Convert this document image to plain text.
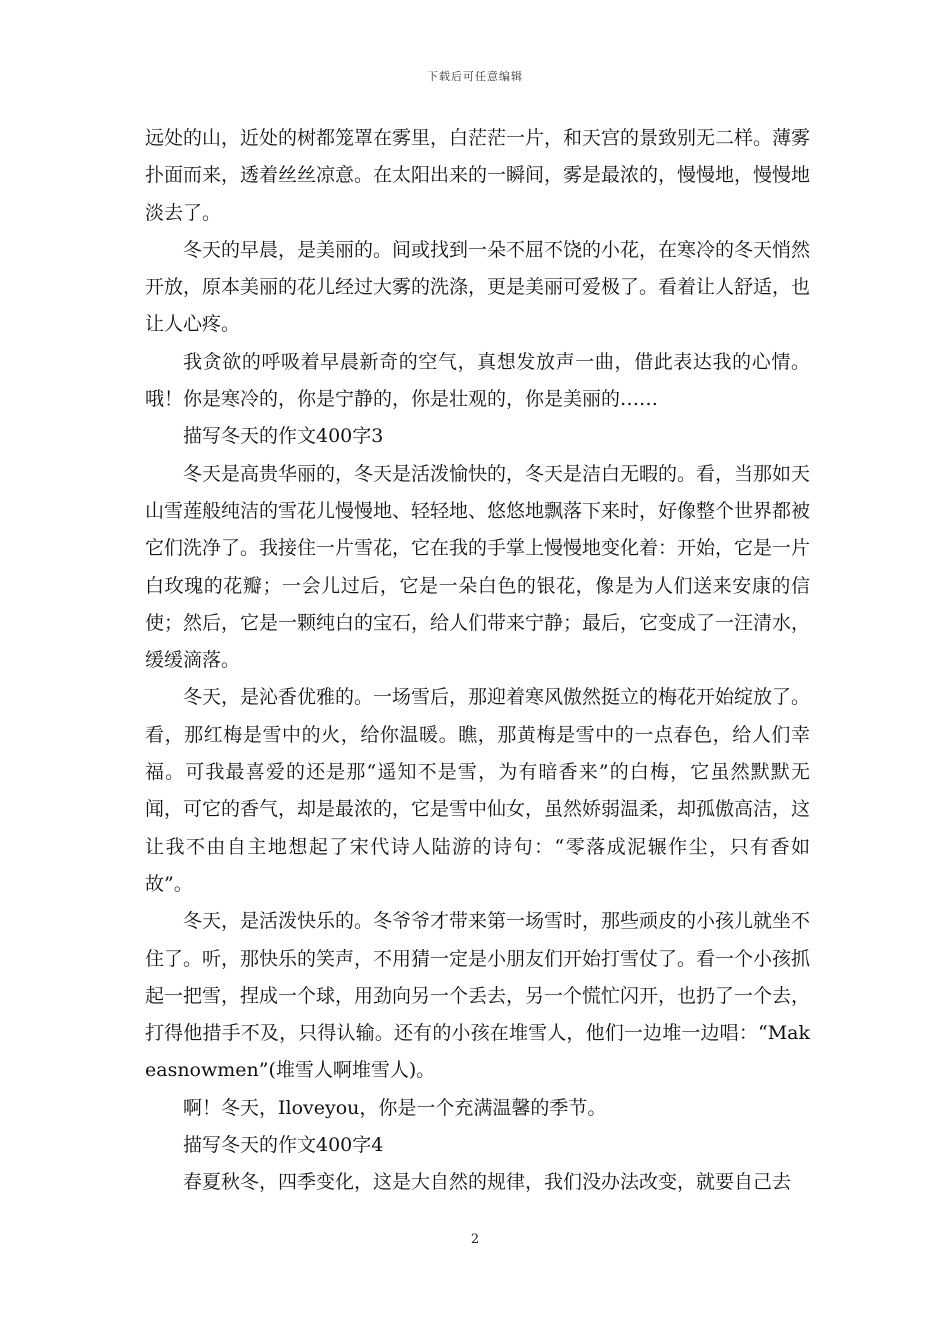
下载后可任意编辑

远处的山，近处的树都笼罩在雾里，白茫茫一片，和天宫的景致别无二样。薄雾扑面而来，透着丝丝凉意。在太阳出来的一瞬间，雾是最浓的，慢慢地，慢慢地淡去了。

冬天的早晨，是美丽的。间或找到一朵不屈不饶的小花，在寒冷的冬天悄然开放，原本美丽的花儿经过大雾的洗涤，更是美丽可爱极了。看着让人舒适，也让人心疼。

我贪欲的呼吸着早晨新奇的空气，真想发放声一曲，借此表达我的心情。哦！你是寒冷的，你是宁静的，你是壮观的，你是美丽的……

描写冬天的作文400字3

冬天是高贵华丽的，冬天是活泼愉快的，冬天是洁白无暇的。看，当那如天山雪莲般纯洁的雪花儿慢慢地、轻轻地、悠悠地飘落下来时，好像整个世界都被它们洗净了。我接住一片雪花，它在我的手掌上慢慢地变化着：开始，它是一片白玫瑰的花瓣；一会儿过后，它是一朵白色的银花，像是为人们送来安康的信使；然后，它是一颗纯白的宝石，给人们带来宁静；最后，它变成了一汪清水，缓缓滴落。

冬天，是沁香优雅的。一场雪后，那迎着寒风傲然挺立的梅花开始绽放了。看，那红梅是雪中的火，给你温暖。瞧，那黄梅是雪中的一点春色，给人们幸福。可我最喜爱的还是那“遥知不是雪，为有暗香来”的白梅，它虽然默默无闻，可它的香气，却是最浓的，它是雪中仙女，虽然娇弱温柔，却孤傲高洁，这让我不由自主地想起了宋代诗人陆游的诗句：“零落成泥辗作尘，只有香如故”。

冬天，是活泼快乐的。冬爷爷才带来第一场雪时，那些顽皮的小孩儿就坐不住了。听，那快乐的笑声，不用猜一定是小朋友们开始打雪仗了。看一个小孩抓起一把雪，捏成一个球，用劲向另一个丢去，另一个慌忙闪开，也扔了一个去，打得他措手不及，只得认输。还有的小孩在堆雪人，他们一边堆一边唱：“Makeasnowmen”(堆雪人啊堆雪人)。

啊！冬天，Iloveyou，你是一个充满温馨的季节。

描写冬天的作文400字4

春夏秋冬，四季变化，这是大自然的规律，我们没办法改变，就要自己去

2
